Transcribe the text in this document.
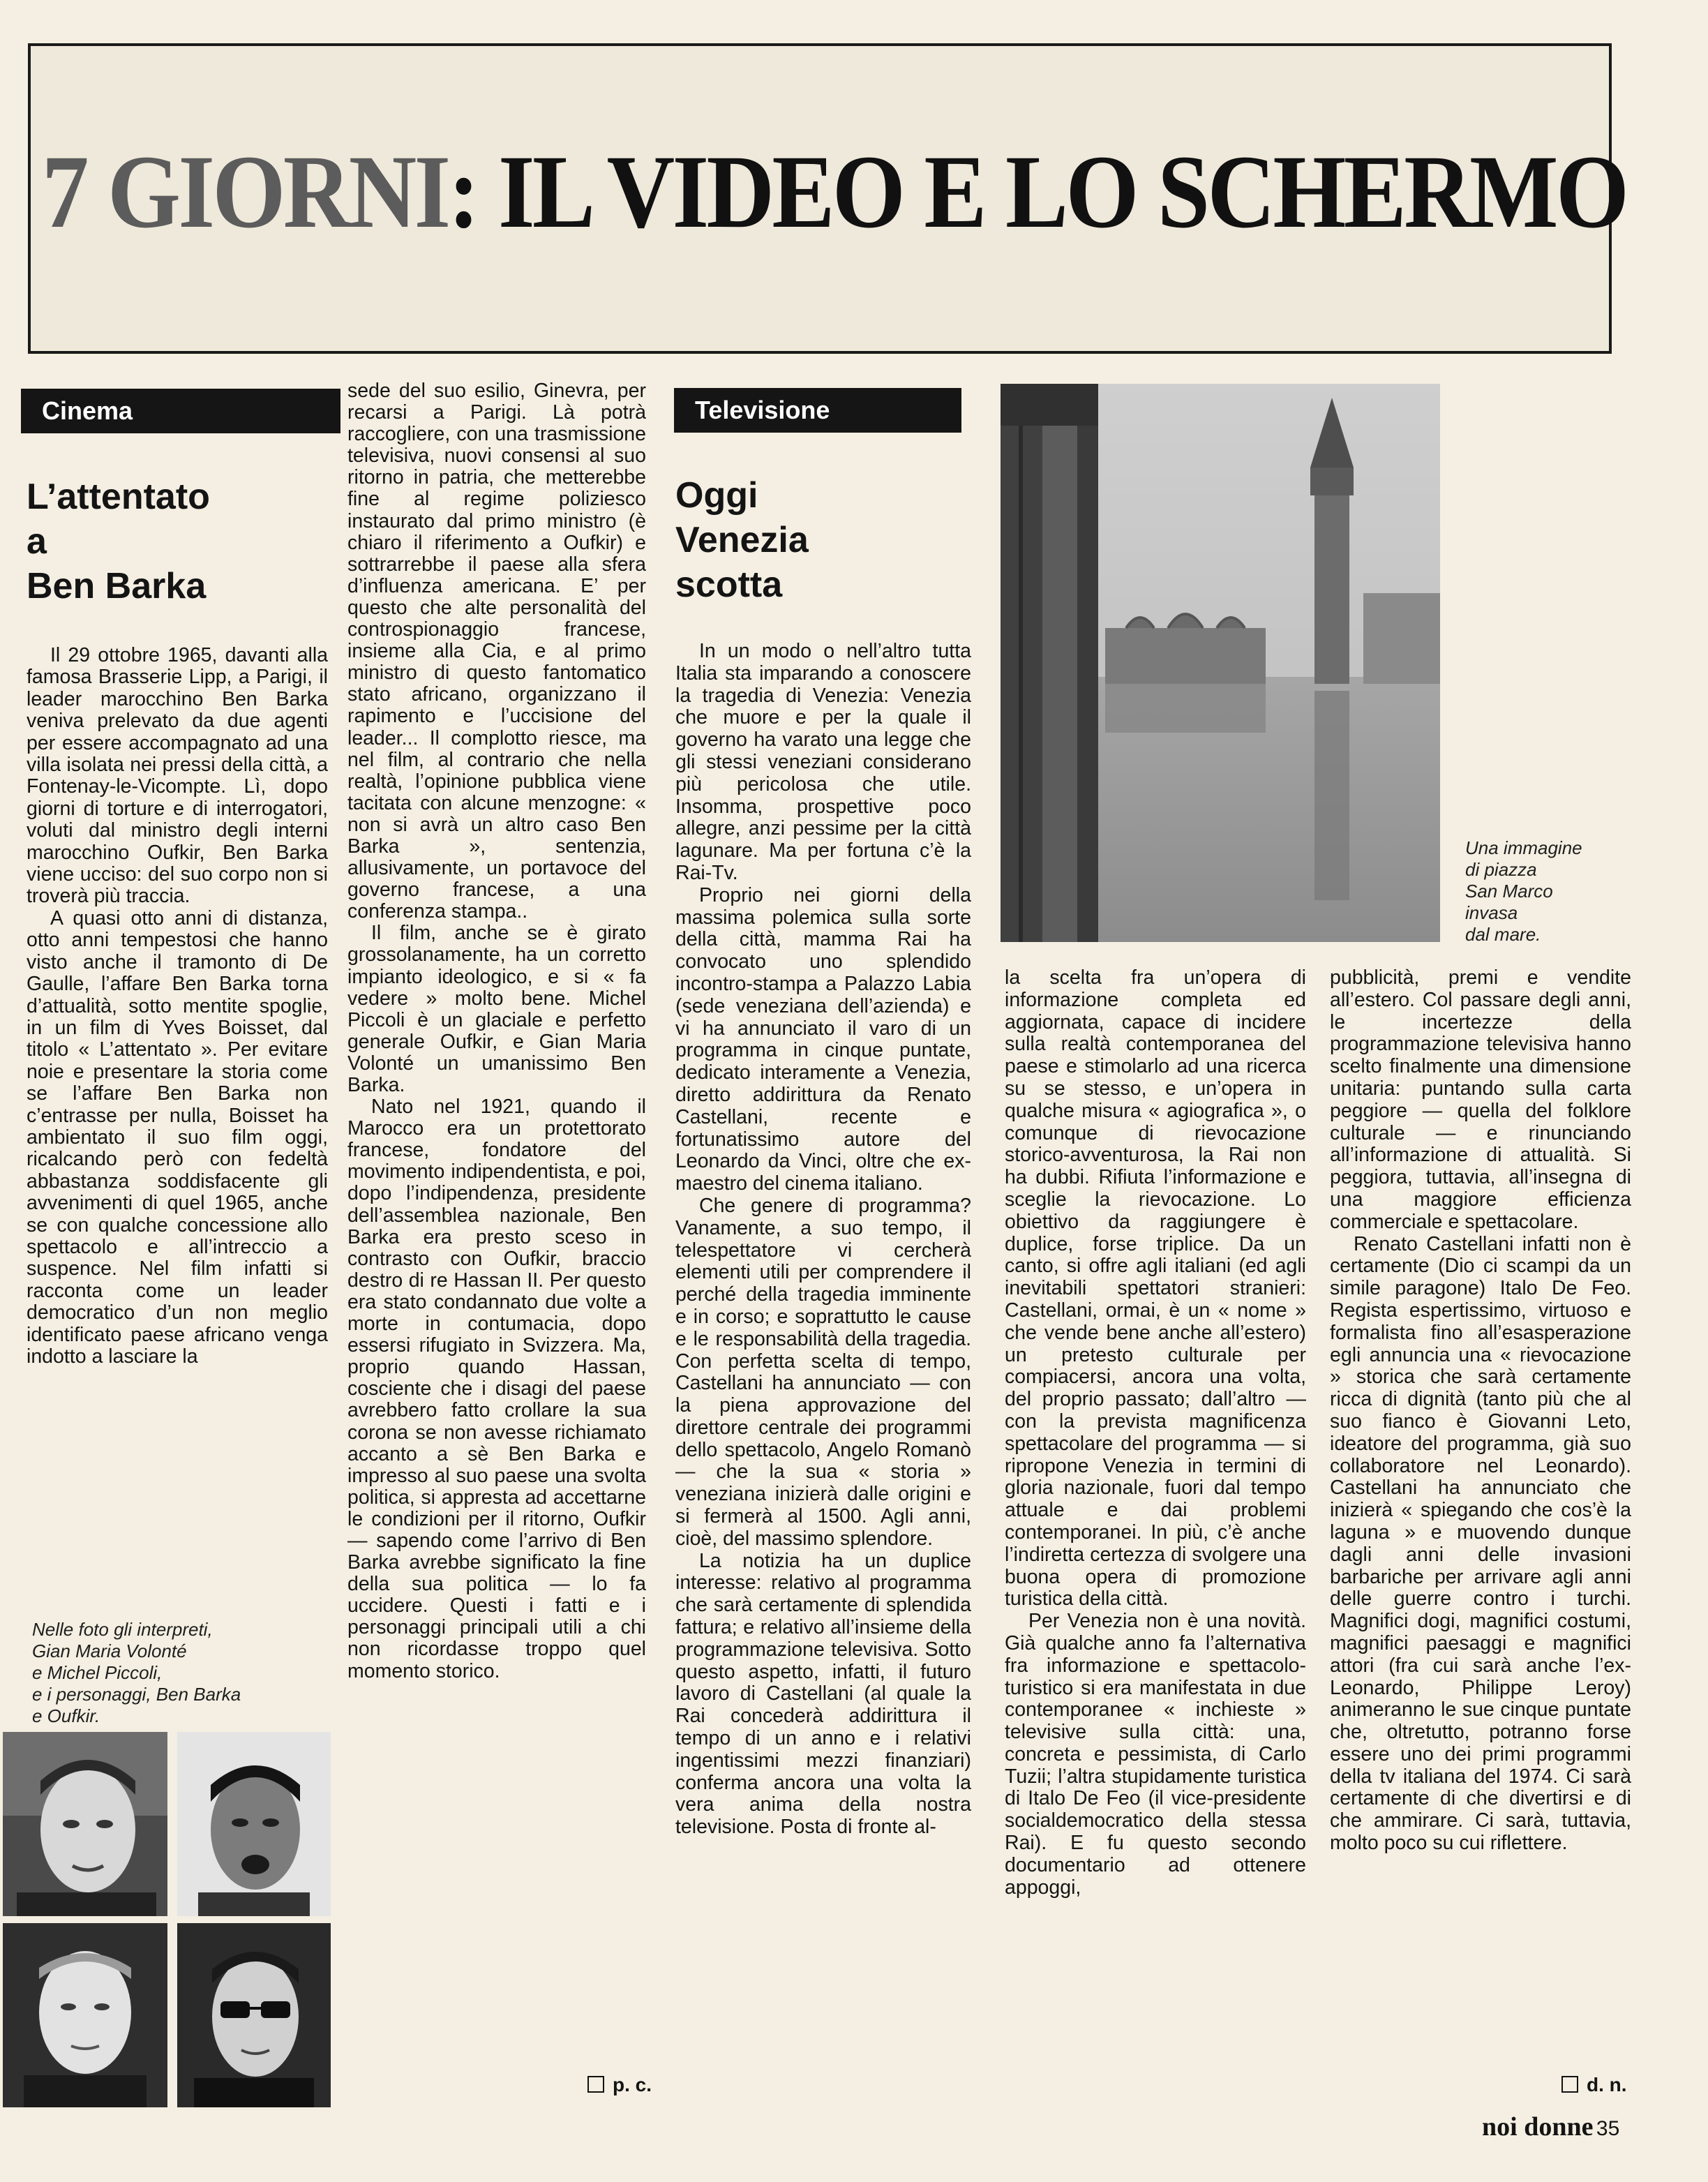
7 GIORNI: IL VIDEO E LO SCHERMO
Cinema
L’attentato
a
Ben Barka

Il 29 ottobre 1965, davanti alla famosa Brasserie Lipp, a Parigi, il leader marocchino Ben Barka veniva prelevato da due agenti per essere accompagnato ad una villa isolata nei pressi della città, a Fontenay-le-Vicompte. Lì, dopo giorni di torture e di interrogatori, voluti dal ministro degli interni marocchino Oufkir, Ben Barka viene ucciso: del suo corpo non si troverà più traccia.

A quasi otto anni di distanza, otto anni tempestosi che hanno visto anche il tramonto di De Gaulle, l’affare Ben Barka torna d’attualità, sotto mentite spoglie, in un film di Yves Boisset, dal titolo « L’attentato ». Per evitare noie e presentare la storia come se l’affare Ben Barka non c’entrasse per nulla, Boisset ha ambientato il suo film oggi, ricalcando però con fedeltà abbastanza soddisfacente gli avvenimenti di quel 1965, anche se con qualche concessione allo spettacolo e all’intreccio a suspence. Nel film infatti si racconta come un leader democratico d’un non meglio identificato paese africano venga indotto a lasciare la

Nelle foto gli interpreti,
Gian Maria Volonté
e Michel Piccoli,
e i personaggi, Ben Barka
e Oufkir.

sede del suo esilio, Ginevra, per recarsi a Parigi. Là potrà raccogliere, con una trasmissione televisiva, nuovi consensi al suo ritorno in patria, che metterebbe fine al regime poliziesco instaurato dal primo ministro (è chiaro il riferimento a Oufkir) e sottrarrebbe il paese alla sfera d’influenza americana. E’ per questo che alte personalità del controspionaggio francese, insieme alla Cia, e al primo ministro di questo fantomatico stato africano, organizzano il rapimento e l’uccisione del leader... Il complotto riesce, ma nel film, al contrario che nella realtà, l’opinione pubblica viene tacitata con alcune menzogne: « non si avrà un altro caso Ben Barka », sentenzia, allusivamente, un portavoce del governo francese, a una conferenza stampa..

Il film, anche se è girato grossolanamente, ha un corretto impianto ideologico, e si « fa vedere » molto bene. Michel Piccoli è un glaciale e perfetto generale Oufkir, e Gian Maria Volonté un umanissimo Ben Barka.

Nato nel 1921, quando il Marocco era un protettorato francese, fondatore del movimento indipendentista, e poi, dopo l’indipendenza, presidente dell’assemblea nazionale, Ben Barka era presto sceso in contrasto con Oufkir, braccio destro di re Hassan II. Per questo era stato condannato due volte a morte in contumacia, dopo essersi rifugiato in Svizzera. Ma, proprio quando Hassan, cosciente che i disagi del paese avrebbero fatto crollare la sua corona se non avesse richiamato accanto a sè Ben Barka e impresso al suo paese una svolta politica, si appresta ad accettarne le condizioni per il ritorno, Oufkir — sapendo come l’arrivo di Ben Barka avrebbe significato la fine della sua politica — lo fa uccidere. Questi i fatti e i personaggi principali utili a chi non ricordasse troppo quel momento storico.

p. c.
Televisione
Oggi
Venezia
scotta

In un modo o nell’altro tutta Italia sta imparando a conoscere la tragedia di Venezia: Venezia che muore e per la quale il governo ha varato una legge che gli stessi veneziani considerano più pericolosa che utile. Insomma, prospettive poco allegre, anzi pessime per la città lagunare. Ma per fortuna c’è la Rai-Tv.

Proprio nei giorni della massima polemica sulla sorte della città, mamma Rai ha convocato uno splendido incontro-stampa a Palazzo Labia (sede veneziana dell’azienda) e vi ha annunciato il varo di un programma in cinque puntate, dedicato interamente a Venezia, diretto addirittura da Renato Castellani, recente e fortunatissimo autore del Leonardo da Vinci, oltre che ex-maestro del cinema italiano.

Che genere di programma? Vanamente, a suo tempo, il telespettatore vi cercherà elementi utili per comprendere il perché della tragedia imminente e in corso; e soprattutto le cause e le responsabilità della tragedia. Con perfetta scelta di tempo, Castellani ha annunciato — con la piena approvazione del direttore centrale dei programmi dello spettacolo, Angelo Romanò — che la sua « storia » veneziana inizierà dalle origini e si fermerà al 1500. Agli anni, cioè, del massimo splendore.

La notizia ha un duplice interesse: relativo al programma che sarà certamente di splendida fattura; e relativo all’insieme della programmazione televisiva. Sotto questo aspetto, infatti, il futuro lavoro di Castellani (al quale la Rai concederà addirittura il tempo di un anno e i relativi ingentissimi mezzi finanziari) conferma ancora una volta la vera anima della nostra televisione. Posta di fronte al-

Una immagine
di piazza
San Marco
invasa
dal mare.

la scelta fra un’opera di informazione completa ed aggiornata, capace di incidere sulla realtà contemporanea del paese e stimolarlo ad una ricerca su se stesso, e un’opera in qualche misura « agiografica », o comunque di rievocazione storico-avventurosa, la Rai non ha dubbi. Rifiuta l’informazione e sceglie la rievocazione. Lo obiettivo da raggiungere è duplice, forse triplice. Da un canto, si offre agli italiani (ed agli inevitabili spettatori stranieri: Castellani, ormai, è un « nome » che vende bene anche all’estero) un pretesto culturale per compiacersi, ancora una volta, del proprio passato; dall’altro — con la prevista magnificenza spettacolare del programma — si ripropone Venezia in termini di gloria nazionale, fuori dal tempo attuale e dai problemi contemporanei. In più, c’è anche l’indiretta certezza di svolgere una buona opera di promozione turistica della città.

Per Venezia non è una novità. Già qualche anno fa l’alternativa fra informazione e spettacolo-turistico si era manifestata in due contemporanee « inchieste » televisive sulla città: una, concreta e pessimista, di Carlo Tuzii; l’altra stupidamente turistica di Italo De Feo (il vice-presidente socialdemocratico della stessa Rai). E fu questo secondo documentario ad ottenere appoggi,

pubblicità, premi e vendite all’estero. Col passare degli anni, le incertezze della programmazione televisiva hanno scelto finalmente una dimensione unitaria: puntando sulla carta peggiore — quella del folklore culturale — e rinunciando all’informazione di attualità. Si peggiora, tuttavia, all’insegna di una maggiore efficienza commerciale e spettacolare.

Renato Castellani infatti non è certamente (Dio ci scampi da un simile paragone) Italo De Feo. Regista espertissimo, virtuoso e formalista fino all’esasperazione egli annuncia una « rievocazione » storica che sarà certamente ricca di dignità (tanto più che al suo fianco è Giovanni Leto, ideatore del programma, già suo collaboratore nel Leonardo). Castellani ha annunciato che inizierà « spiegando che cos’è la laguna » e muovendo dunque dagli anni delle invasioni barbariche per arrivare agli anni delle guerre contro i turchi. Magnifici dogi, magnifici costumi, magnifici paesaggi e magnifici attori (fra cui sarà anche l’ex-Leonardo, Philippe Leroy) animeranno le sue cinque puntate che, oltretutto, potranno forse essere uno dei primi programmi della tv italiana del 1974. Ci sarà certamente di che divertirsi e di che ammirare. Ci sarà, tuttavia, molto poco su cui riflettere.

d. n.
noi donne 35
